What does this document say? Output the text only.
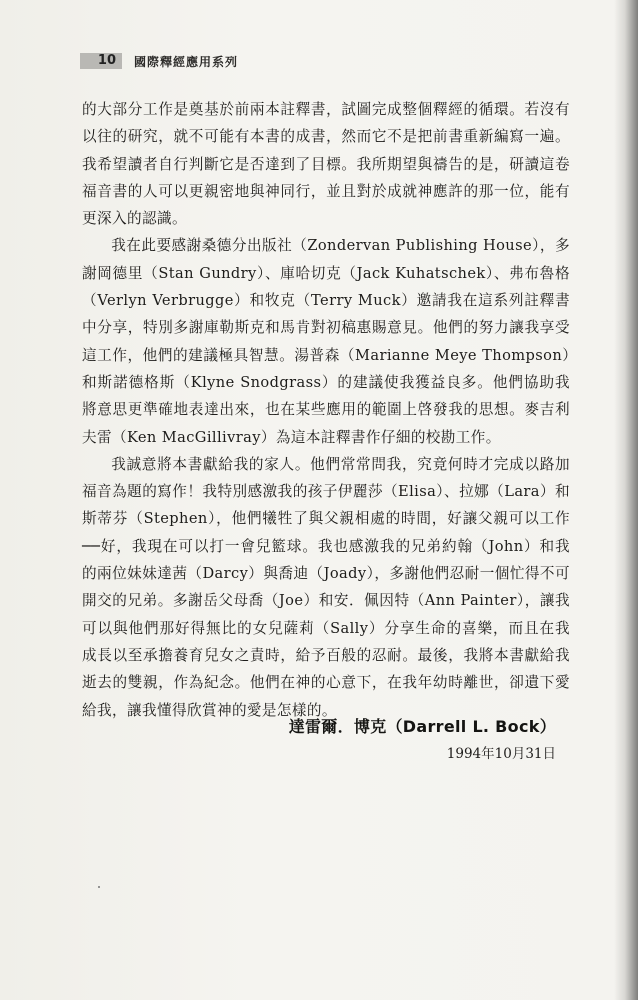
10	國際釋經應用系列

的大部分工作是奠基於前兩本註釋書，試圖完成整個釋經的循環。若沒有以往的研究，就不可能有本書的成書，然而它不是把前書重新編寫一遍。我希望讀者自行判斷它是否達到了目標。我所期望與禱告的是，研讀這卷福音書的人可以更親密地與神同行，並且對於成就神應許的那一位，能有更深入的認識。

我在此要感謝桑德分出版社（Zondervan Publishing House），多謝岡德里（Stan Gundry）、庫哈切克（Jack Kuhatschek）、弗布魯格（Verlyn Verbrugge）和牧克（Terry Muck）邀請我在這系列註釋書中分享，特別多謝庫勒斯克和馬肯對初稿惠賜意見。他們的努力讓我享受這工作，他們的建議極具智慧。湯普森（Marianne Meye Thompson）和斯諾德格斯（Klyne Snodgrass）的建議使我獲益良多。他們協助我將意思更準確地表達出來，也在某些應用的範圍上啓發我的思想。麥吉利夫雷（Ken MacGillivray）為這本註釋書作仔細的校勘工作。

我誠意將本書獻給我的家人。他們常常問我，究竟何時才完成以路加福音為題的寫作！我特別感激我的孩子伊麗莎（Elisa）、拉娜（Lara）和斯蒂芬（Stephen），他們犧牲了與父親相處的時間，好讓父親可以工作──好，我現在可以打一會兒籃球。我也感激我的兄弟約翰（John）和我的兩位妹妹達茜（Darcy）與喬迪（Joady），多謝他們忍耐一個忙得不可開交的兄弟。多謝岳父母喬（Joe）和安．佩因特（Ann Painter），讓我可以與他們那好得無比的女兒薩莉（Sally）分享生命的喜樂，而且在我成長以至承擔養育兒女之責時，給予百般的忍耐。最後，我將本書獻給我逝去的雙親，作為紀念。他們在神的心意下，在我年幼時離世，卻遺下愛給我，讓我懂得欣賞神的愛是怎樣的。

達雷爾．博克（Darrell L. Bock）
1994年10月31日
